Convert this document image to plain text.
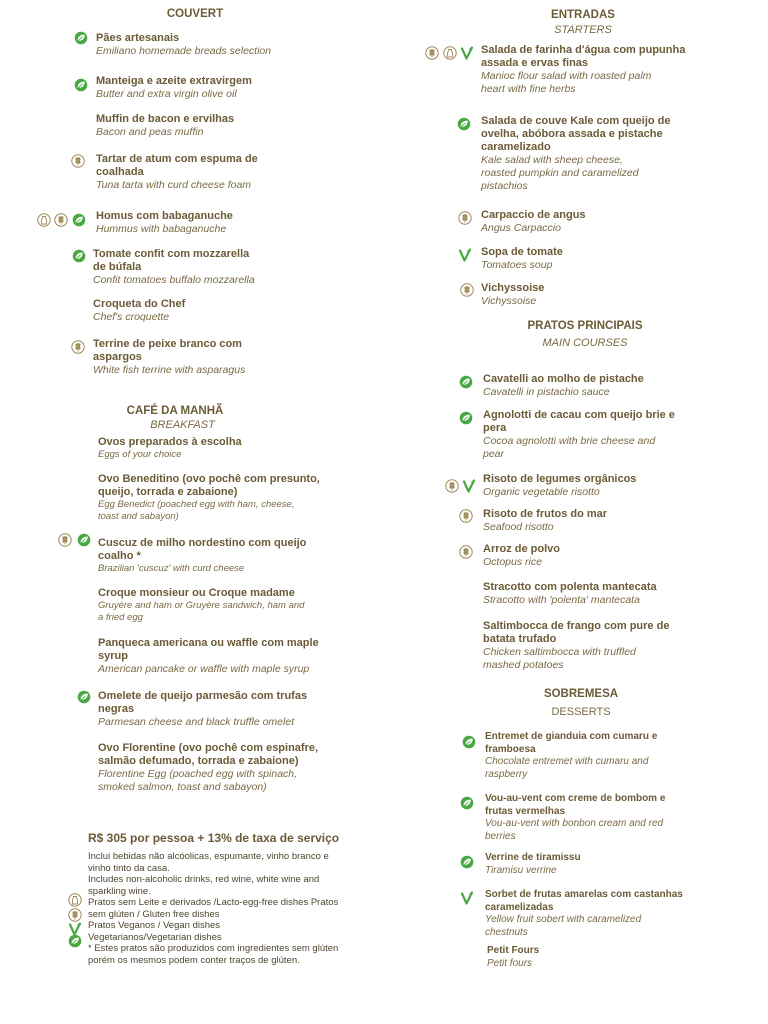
COUVERT
Pães artesanais
Emiliano homemade breads selection
Manteiga e azeite extravirgem
Butter and extra virgin olive oil
Muffin de bacon e ervilhas
Bacon and peas muffin
Tartar de atum com espuma de
coalhada
Tuna tarta with curd cheese foam
Homus com babaganuche
Hummus with babaganuche
Tomate confit com mozzarella
de búfala
Confit tomatoes buffalo mozzarella
Croqueta do Chef
Chef's croquette
Terrine de peixe branco com
aspargos
White fish terrine with asparagus
CAFÉ DA MANHÃ
BREAKFAST
Ovos preparados à escolha
Eggs of your choice
Ovo Beneditino (ovo pochê com presunto,
queijo, torrada e zabaione)
Egg Benedict (poached egg with ham, cheese,
toast and sabayon)
Cuscuz de milho nordestino com queijo
coalho *
Brazilian 'cuscuz' with curd cheese
Croque monsieur ou Croque madame
Gruyère and ham or Gruyère sandwich, ham and
a fried egg
Panqueca americana ou waffle com maple
syrup
American pancake or waffle with maple syrup
Omelete de queijo parmesão com trufas
negras
Parmesan cheese and black truffle omelet
Ovo Florentine (ovo pochê com espinafre,
salmão defumado, torrada e zabaione)
Florentine Egg (poached egg with spinach,
smoked salmon, toast and sabayon)
R$ 305 por pessoa + 13% de taxa de serviço
Inclui bebidas não alcóolicas, espumante, vinho branco e
vinho tinto da casa.
Includes non-alcoholic drinks, red wine, white wine and
sparkling wine.
Pratos sem Leite e derivados /Lacto-egg-free dishes Pratos
sem glúten / Gluten free dishes
Pratos Veganos / Vegan dishes
Vegetarianos/Vegetarian dishes
* Estes pratos são produzidos com ingredientes sem glúten
porém os mesmos podem conter traços de glúten.
ENTRADAS
STARTERS
Salada de farinha d'água com pupunha
assada e ervas finas
Manioc flour salad with roasted palm
heart with fine herbs
Salada de couve Kale com queijo de
ovelha, abóbora assada e pistache
caramelizado
Kale salad with sheep cheese,
roasted pumpkin and caramelized
pistachios
Carpaccio de angus
Angus Carpaccio
Sopa de tomate
Tomatoes soup
Vichyssoise
Vichyssoise
PRATOS PRINCIPAIS
MAIN COURSES
Cavatelli ao molho de pistache
Cavatelli in pistachio sauce
Agnolotti de cacau com queijo brie e
pera
Cocoa agnolotti with brie cheese and
pear
Risoto de legumes orgânicos
Organic vegetable risotto
Risoto de frutos do mar
Seafood risotto
Arroz de polvo
Octopus rice
Stracotto com polenta mantecata
Stracotto with 'polenta' mantecata
Saltimbocca de frango com pure de
batata trufado
Chicken saltimbocca with truffled
mashed potatoes
SOBREMESA
DESSERTS
Entremet de gianduia com cumaru e
framboesa
Chocolate entremet with cumaru and
raspberry
Vou-au-vent com creme de bombom e
frutas vermelhas
Vou-au-vent with bonbon cream and red
berries
Verrine de tiramissu
Tiramisu verrine
Sorbet de frutas amarelas com castanhas
caramelizadas
Yellow fruit sobert with caramelized
chestnuts
Petit Fours
Petit fours
